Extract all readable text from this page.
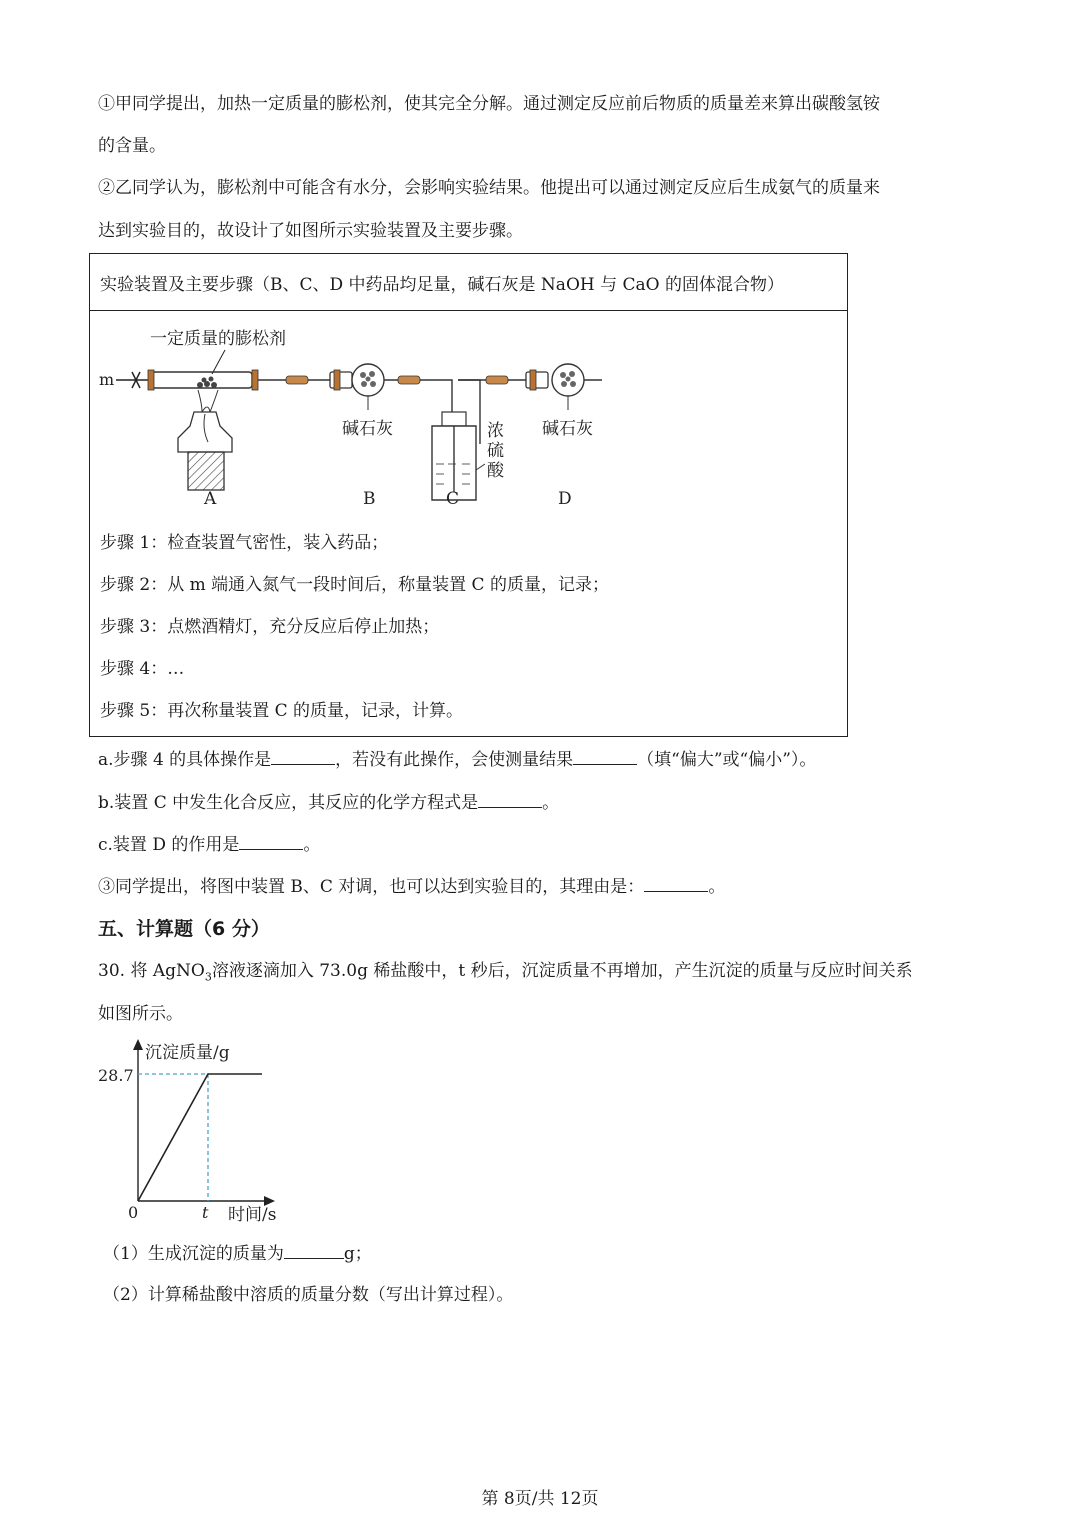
①甲同学提出，加热一定质量的膨松剂，使其完全分解。通过测定反应前后物质的质量差来算出碳酸氢铵
的含量。
②乙同学认为，膨松剂中可能含有水分，会影响实验结果。他提出可以通过测定反应后生成氨气的质量来
达到实验目的，故设计了如图所示实验装置及主要步骤。
实验装置及主要步骤（B、C、D 中药品均足量，碱石灰是 NaOH 与 CaO 的固体混合物）
一定质量的膨松剂
m
碱石灰	浓
硫
酸
碱石灰
A	B	C	D
步骤 1：检查装置气密性，装入药品；
步骤 2：从 m 端通入氮气一段时间后，称量装置 C 的质量，记录；
步骤 3：点燃酒精灯，充分反应后停止加热；
步骤 4：…
步骤 5：再次称量装置 C 的质量，记录，计算。
a.步骤 4 的具体操作是	，若没有此操作，会使测量结果	（填“偏大”或“偏小”）。
b.装置 C 中发生化合反应，其反应的化学方程式是	。
c.装置 D 的作用是	。
③同学提出，将图中装置 B、C 对调，也可以达到实验目的，其理由是：	。
五、计算题（6 分）
30. 将 AgNO$_3$溶液逐滴加入 73.0g 稀盐酸中，t 秒后，沉淀质量不再增加，产生沉淀的质量与反应时间关系
如图所示。
沉淀质量/g
时间/s
0
28.7
t
（1）生成沉淀的质量为	g；
（2）计算稀盐酸中溶质的质量分数（写出计算过程）。
第 8页/共 12页
